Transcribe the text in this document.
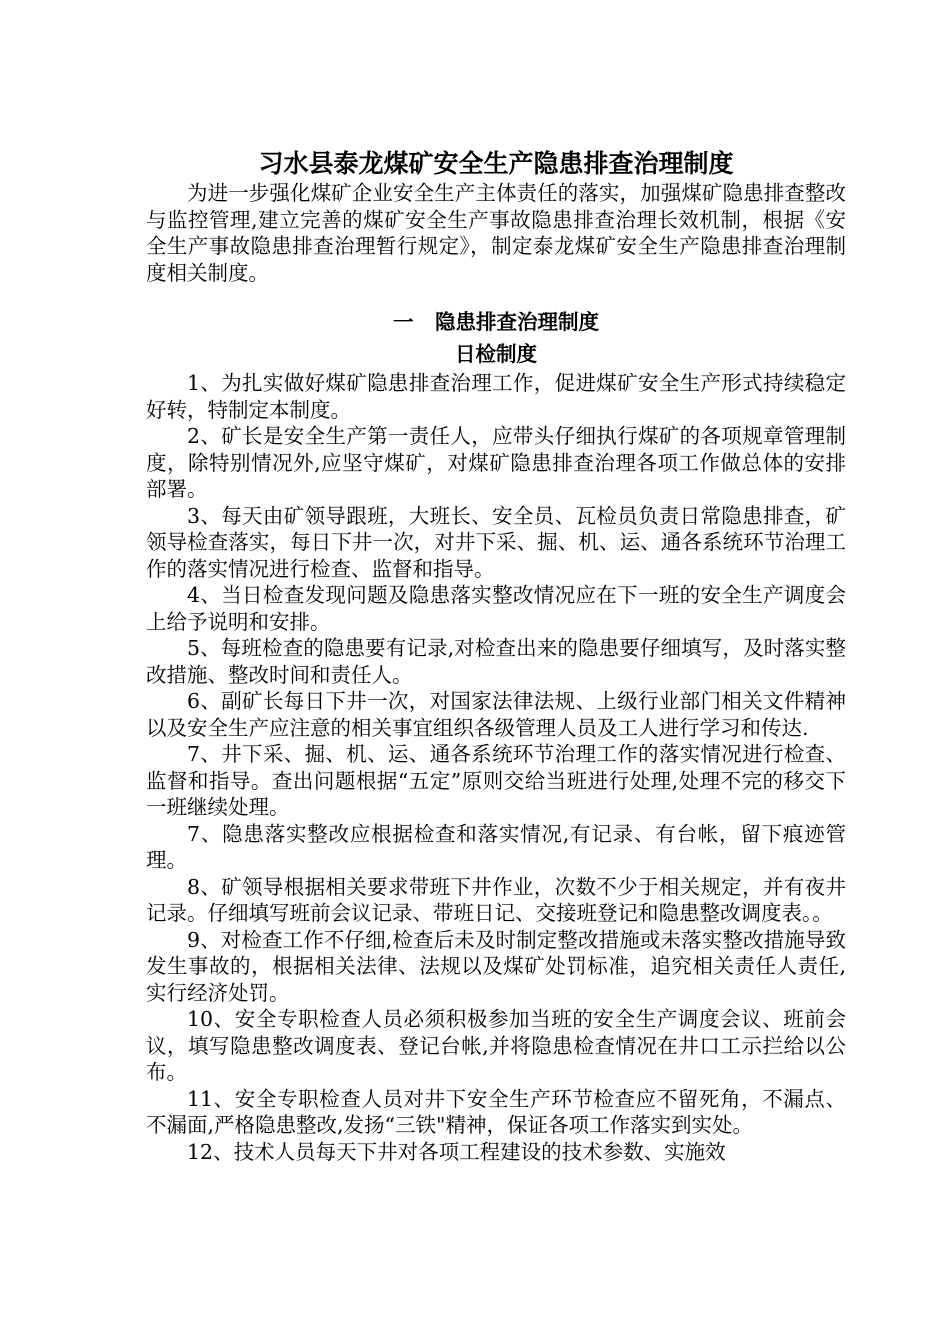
习水县泰龙煤矿安全生产隐患排查治理制度

为进一步强化煤矿企业安全生产主体责任的落实，加强煤矿隐患排查整改与监控管理,建立完善的煤矿安全生产事故隐患排查治理长效机制，根据《安全生产事故隐患排查治理暂行规定》，制定泰龙煤矿安全生产隐患排查治理制度相关制度。

一   隐患排查治理制度
日检制度

1、为扎实做好煤矿隐患排查治理工作，促进煤矿安全生产形式持续稳定好转，特制定本制度。

2、矿长是安全生产第一责任人，应带头仔细执行煤矿的各项规章管理制度，除特别情况外,应坚守煤矿，对煤矿隐患排查治理各项工作做总体的安排部署。

3、每天由矿领导跟班，大班长、安全员、瓦检员负责日常隐患排查，矿领导检查落实，每日下井一次，对井下采、掘、机、运、通各系统环节治理工作的落实情况进行检查、监督和指导。

4、当日检查发现问题及隐患落实整改情况应在下一班的安全生产调度会上给予说明和安排。

5、每班检查的隐患要有记录,对检查出来的隐患要仔细填写，及时落实整改措施、整改时间和责任人。

6、副矿长每日下井一次，对国家法律法规、上级行业部门相关文件精神以及安全生产应注意的相关事宜组织各级管理人员及工人进行学习和传达.

7、井下采、掘、机、运、通各系统环节治理工作的落实情况进行检查、监督和指导。查出问题根据“五定”原则交给当班进行处理,处理不完的移交下一班继续处理。

7、隐患落实整改应根据检查和落实情况,有记录、有台帐，留下痕迹管理。

8、矿领导根据相关要求带班下井作业，次数不少于相关规定，并有夜井记录。仔细填写班前会议记录、带班日记、交接班登记和隐患整改调度表。。

9、对检查工作不仔细,检查后未及时制定整改措施或未落实整改措施导致发生事故的，根据相关法律、法规以及煤矿处罚标准，追究相关责任人责任,实行经济处罚。

10、安全专职检查人员必须积极参加当班的安全生产调度会议、班前会议，填写隐患整改调度表、登记台帐,并将隐患检查情况在井口工示拦给以公布。

11、安全专职检查人员对井下安全生产环节检查应不留死角，不漏点、不漏面,严格隐患整改,发扬“三铁"精神，保证各项工作落实到实处。

12、技术人员每天下井对各项工程建设的技术参数、实施效
